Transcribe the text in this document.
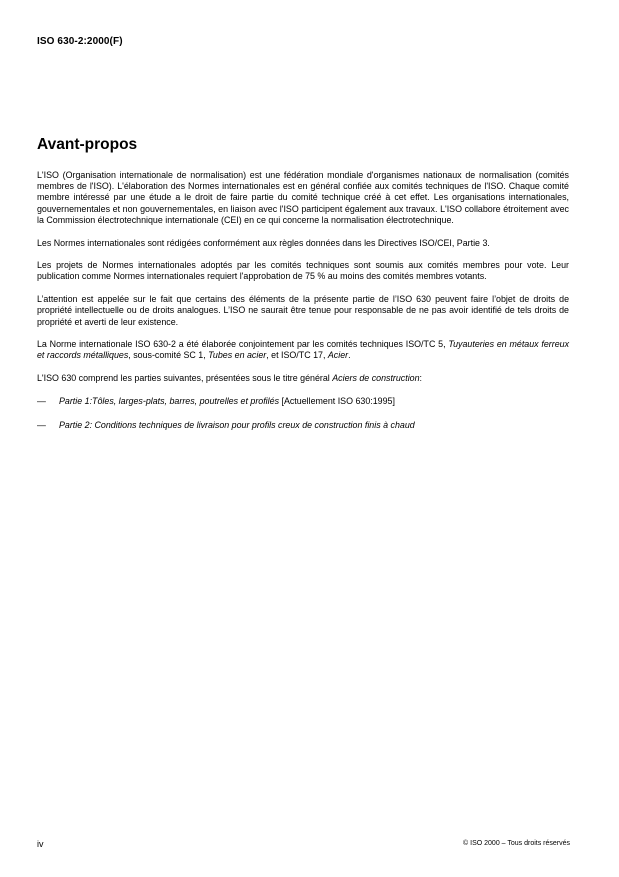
ISO 630-2:2000(F)
Avant-propos

L'ISO (Organisation internationale de normalisation) est une fédération mondiale d'organismes nationaux de normalisation (comités membres de l'ISO). L'élaboration des Normes internationales est en général confiée aux comités techniques de l'ISO. Chaque comité membre intéressé par une étude a le droit de faire partie du comité technique créé à cet effet. Les organisations internationales, gouvernementales et non gouvernementales, en liaison avec l'ISO participent également aux travaux. L'ISO collabore étroitement avec la Commission électrotechnique internationale (CEI) en ce qui concerne la normalisation électrotechnique.

Les Normes internationales sont rédigées conformément aux règles données dans les Directives ISO/CEI, Partie 3.

Les projets de Normes internationales adoptés par les comités techniques sont soumis aux comités membres pour vote. Leur publication comme Normes internationales requiert l'approbation de 75 % au moins des comités membres votants.

L’attention est appelée sur le fait que certains des éléments de la présente partie de l’ISO 630 peuvent faire l’objet de droits de propriété intellectuelle ou de droits analogues. L’ISO ne saurait être tenue pour responsable de ne pas avoir identifié de tels droits de propriété et averti de leur existence.

La Norme internationale ISO 630-2 a été élaborée conjointement par les comités techniques ISO/TC 5, Tuyauteries en métaux ferreux et raccords métalliques, sous-comité SC 1, Tubes en acier, et ISO/TC 17, Acier.

L'ISO 630 comprend les parties suivantes, présentées sous le titre général Aciers de construction:

—	Partie 1:Tôles, larges-plats, barres, poutrelles et profilés [Actuellement ISO 630:1995]
—	Partie 2: Conditions techniques de livraison pour profils creux de construction finis à chaud
iv	© ISO 2000 – Tous droits réservés
